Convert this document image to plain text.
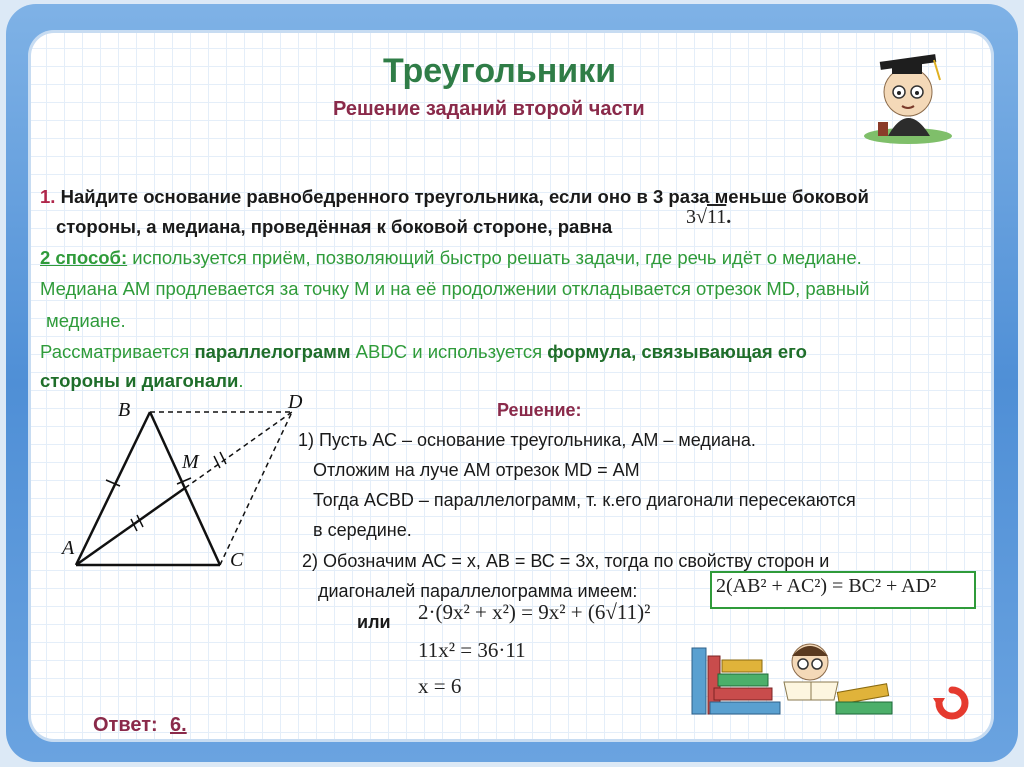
Треугольники
Решение заданий второй части
1. Найдите основание равнобедренного треугольника, если оно в 3 раза меньше боковой
стороны, а медиана, проведённая к боковой стороне, равна	3√11.
2 способ: используется приём, позволяющий быстро решать задачи, где речь идёт о медиане.
Медиана АМ продлевается за точку М и на её продолжении откладывается отрезок MD, равный
медиане.
Рассматривается параллелограмм ABDC и используется формула, связывающая его
стороны и диагонали.
A
B
C
D
M
Решение:
1) Пусть АС – основание треугольника, АМ – медиана.
Отложим на луче АМ отрезок MD = АМ
Тогда ACBD – параллелограмм, т. к.его диагонали пересекаются
в середине.
2) Обозначим АС = х, АВ = ВС = 3х, тогда по свойству сторон и
диагоналей параллелограмма имеем:	2(AB² + AC²) = BC² + AD²
или 2·(9x² + x²) = 9x² + (6√11)²
11x² = 36·11
x = 6
Ответ: 6.
